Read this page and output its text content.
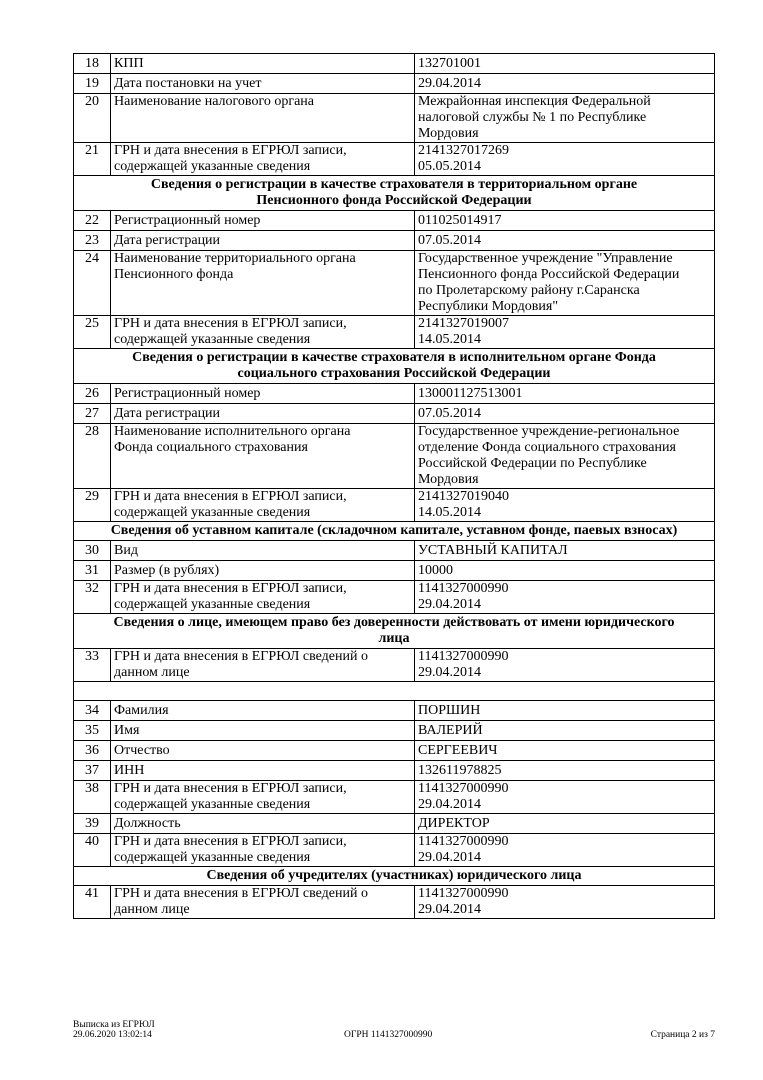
18	КПП	132701001
19	Дата постановки на учет	29.04.2014
20	Наименование налогового органа	Межрайонная инспекция Федеральной
налоговой службы № 1 по Республике
Мордовия
21	ГРН и дата внесения в ЕГРЮЛ записи,
содержащей указанные сведения	2141327017269
05.05.2014
Сведения о регистрации в качестве страхователя в территориальном органе
Пенсионного фонда Российской Федерации		
22	Регистрационный номер	011025014917
23	Дата регистрации	07.05.2014
24	Наименование территориального органа
Пенсионного фонда	Государственное учреждение "Управление
Пенсионного фонда Российской Федерации
по Пролетарскому району г.Саранска
Республики Мордовия"
25	ГРН и дата внесения в ЕГРЮЛ записи,
содержащей указанные сведения	2141327019007
14.05.2014
Сведения о регистрации в качестве страхователя в исполнительном органе Фонда
социального страхования Российской Федерации		
26	Регистрационный номер	130001127513001
27	Дата регистрации	07.05.2014
28	Наименование исполнительного органа
Фонда социального страхования	Государственное учреждение-региональное
отделение Фонда социального страхования
Российской Федерации по Республике
Мордовия
29	ГРН и дата внесения в ЕГРЮЛ записи,
содержащей указанные сведения	2141327019040
14.05.2014
Сведения об уставном капитале (складочном капитале, уставном фонде, паевых взносах)		
30	Вид	УСТАВНЫЙ КАПИТАЛ
31	Размер (в рублях)	10000
32	ГРН и дата внесения в ЕГРЮЛ записи,
содержащей указанные сведения	1141327000990
29.04.2014
Сведения о лице, имеющем право без доверенности действовать от имени юридического
лица		
33	ГРН и дата внесения в ЕГРЮЛ сведений о
данном лице	1141327000990
29.04.2014

34	Фамилия	ПОРШИН
35	Имя	ВАЛЕРИЙ
36	Отчество	СЕРГЕЕВИЧ
37	ИНН	132611978825
38	ГРН и дата внесения в ЕГРЮЛ записи,
содержащей указанные сведения	1141327000990
29.04.2014
39	Должность	ДИРЕКТОР
40	ГРН и дата внесения в ЕГРЮЛ записи,
содержащей указанные сведения	1141327000990
29.04.2014
Сведения об учредителях (участниках) юридического лица		
41	ГРН и дата внесения в ЕГРЮЛ сведений о
данном лице	1141327000990
29.04.2014
Выписка из ЕГРЮЛ
29.06.2020 13:02:14	ОГРН 1141327000990	Страница 2 из 7
